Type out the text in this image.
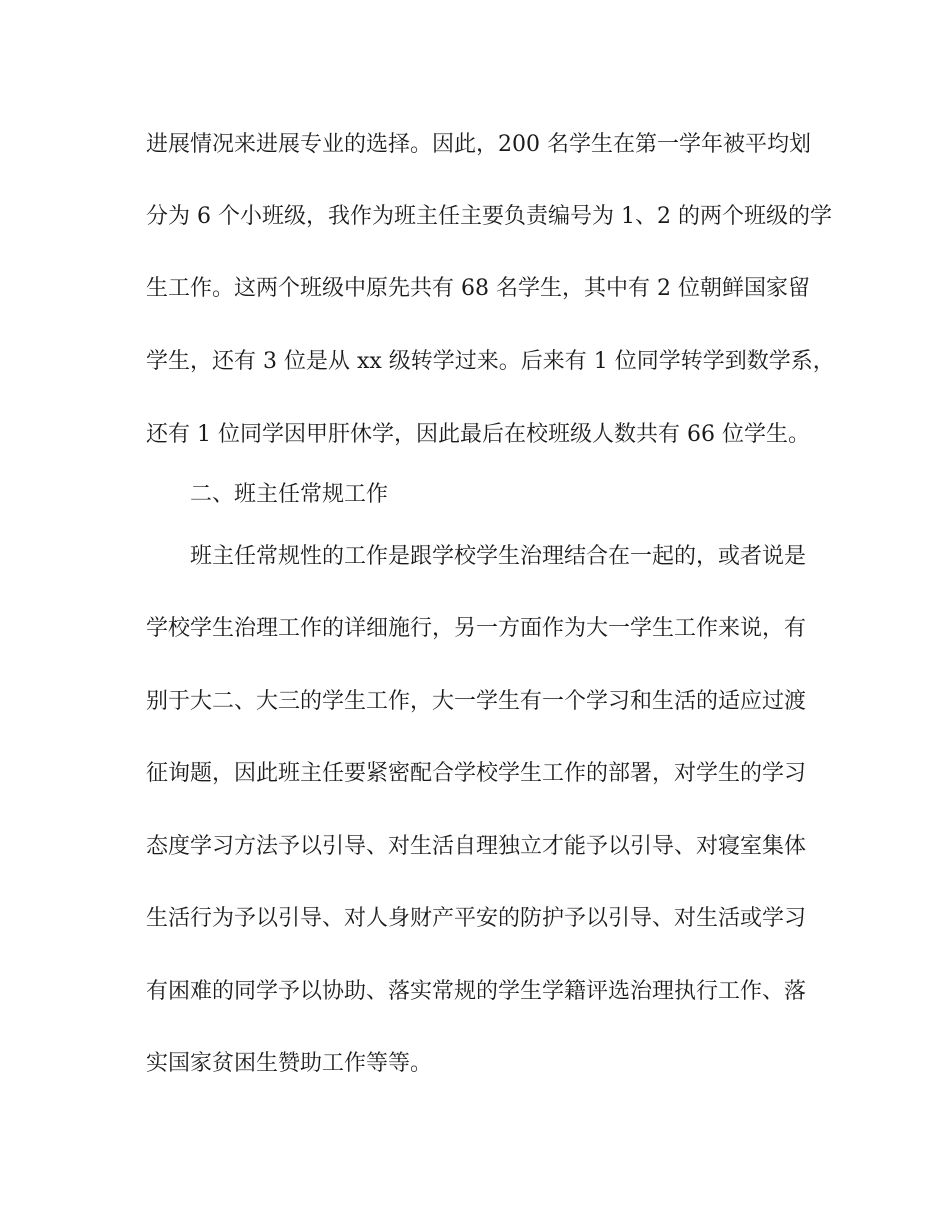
进展情况来进展专业的选择。因此，200 名学生在第一学年被平均划
分为 6 个小班级，我作为班主任主要负责编号为 1、2 的两个班级的学
生工作。这两个班级中原先共有 68 名学生，其中有 2 位朝鲜国家留
学生，还有 3 位是从 xx 级转学过来。后来有 1 位同学转学到数学系，
还有 1 位同学因甲肝休学，因此最后在校班级人数共有 66 位学生。
二、班主任常规工作
班主任常规性的工作是跟学校学生治理结合在一起的，或者说是
学校学生治理工作的详细施行，另一方面作为大一学生工作来说，有
别于大二、大三的学生工作，大一学生有一个学习和生活的适应过渡
征询题，因此班主任要紧密配合学校学生工作的部署，对学生的学习
态度学习方法予以引导、对生活自理独立才能予以引导、对寝室集体
生活行为予以引导、对人身财产平安的防护予以引导、对生活或学习
有困难的同学予以协助、落实常规的学生学籍评选治理执行工作、落
实国家贫困生赞助工作等等。
